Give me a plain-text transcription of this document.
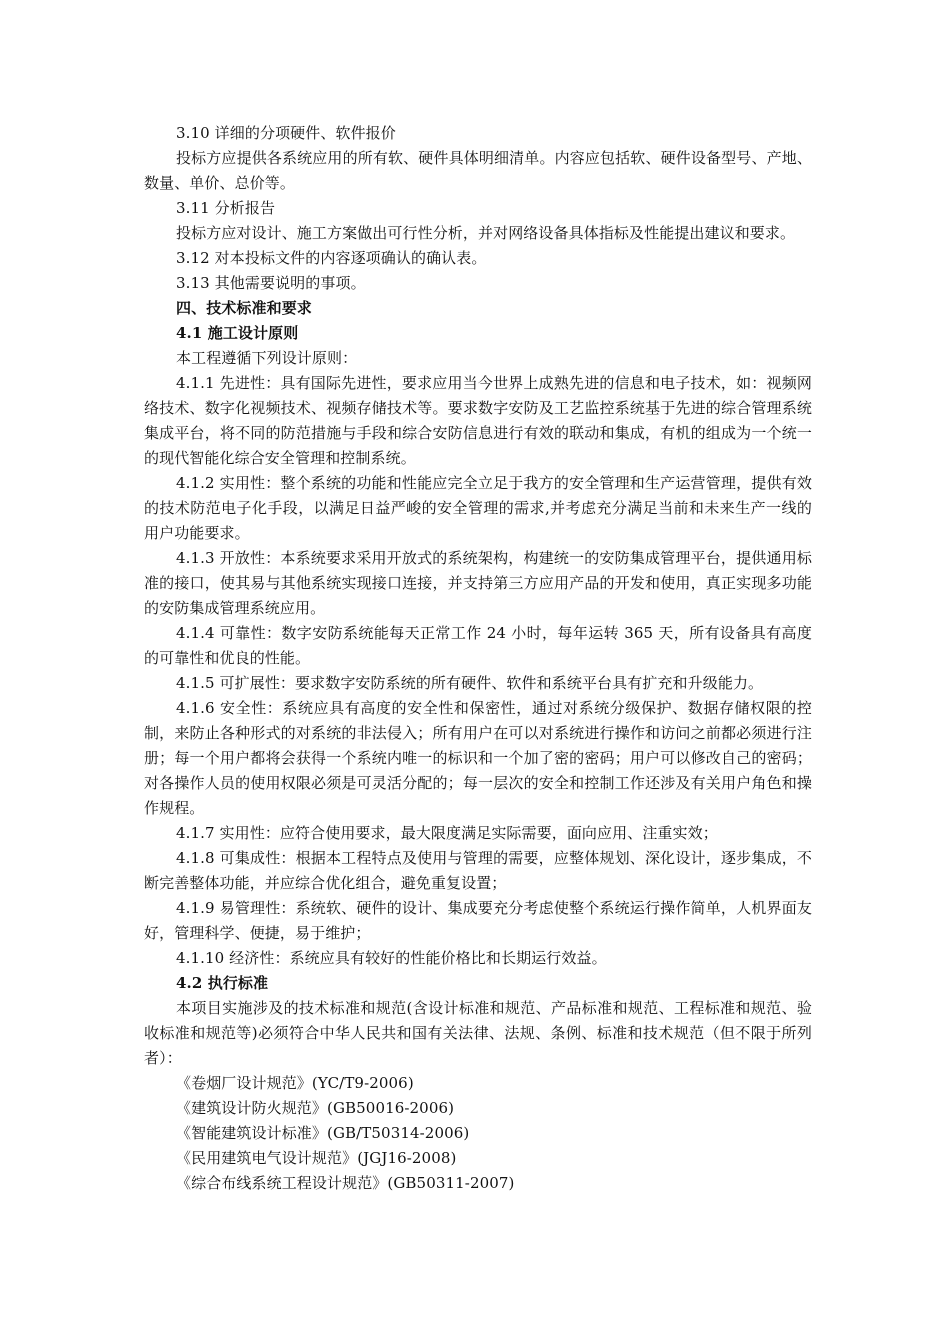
3.10 详细的分项硬件、软件报价

投标方应提供各系统应用的所有软、硬件具体明细清单。内容应包括软、硬件设备型号、产地、数量、单价、总价等。

3.11 分析报告

投标方应对设计、施工方案做出可行性分析，并对网络设备具体指标及性能提出建议和要求。

3.12 对本投标文件的内容逐项确认的确认表。

3.13 其他需要说明的事项。

四、技术标准和要求

4.1 施工设计原则

本工程遵循下列设计原则：

4.1.1 先进性：具有国际先进性，要求应用当今世界上成熟先进的信息和电子技术，如：视频网络技术、数字化视频技术、视频存储技术等。要求数字安防及工艺监控系统基于先进的综合管理系统集成平台，将不同的防范措施与手段和综合安防信息进行有效的联动和集成，有机的组成为一个统一的现代智能化综合安全管理和控制系统。

4.1.2 实用性：整个系统的功能和性能应完全立足于我方的安全管理和生产运营管理，提供有效的技术防范电子化手段，以满足日益严峻的安全管理的需求,并考虑充分满足当前和未来生产一线的用户功能要求。

4.1.3 开放性：本系统要求采用开放式的系统架构，构建统一的安防集成管理平台，提供通用标准的接口，使其易与其他系统实现接口连接，并支持第三方应用产品的开发和使用，真正实现多功能的安防集成管理系统应用。

4.1.4 可靠性：数字安防系统能每天正常工作 24 小时，每年运转 365 天，所有设备具有高度的可靠性和优良的性能。

4.1.5 可扩展性：要求数字安防系统的所有硬件、软件和系统平台具有扩充和升级能力。

4.1.6 安全性：系统应具有高度的安全性和保密性，通过对系统分级保护、数据存储权限的控制，来防止各种形式的对系统的非法侵入；所有用户在可以对系统进行操作和访问之前都必须进行注册；每一个用户都将会获得一个系统内唯一的标识和一个加了密的密码；用户可以修改自己的密码；对各操作人员的使用权限必须是可灵活分配的；每一层次的安全和控制工作还涉及有关用户角色和操作规程。

4.1.7 实用性：应符合使用要求，最大限度满足实际需要，面向应用、注重实效；

4.1.8 可集成性：根据本工程特点及使用与管理的需要，应整体规划、深化设计，逐步集成，不断完善整体功能，并应综合优化组合，避免重复设置；

4.1.9 易管理性：系统软、硬件的设计、集成要充分考虑使整个系统运行操作简单，人机界面友好，管理科学、便捷，易于维护；

4.1.10 经济性：系统应具有较好的性能价格比和长期运行效益。

4.2 执行标准

本项目实施涉及的技术标准和规范(含设计标准和规范、产品标准和规范、工程标准和规范、验收标准和规范等)必须符合中华人民共和国有关法律、法规、条例、标准和技术规范（但不限于所列者）：

《卷烟厂设计规范》(YC/T9-2006)

《建筑设计防火规范》(GB50016-2006)

《智能建筑设计标准》(GB/T50314-2006)

《民用建筑电气设计规范》(JGJ16-2008)

《综合布线系统工程设计规范》(GB50311-2007)
